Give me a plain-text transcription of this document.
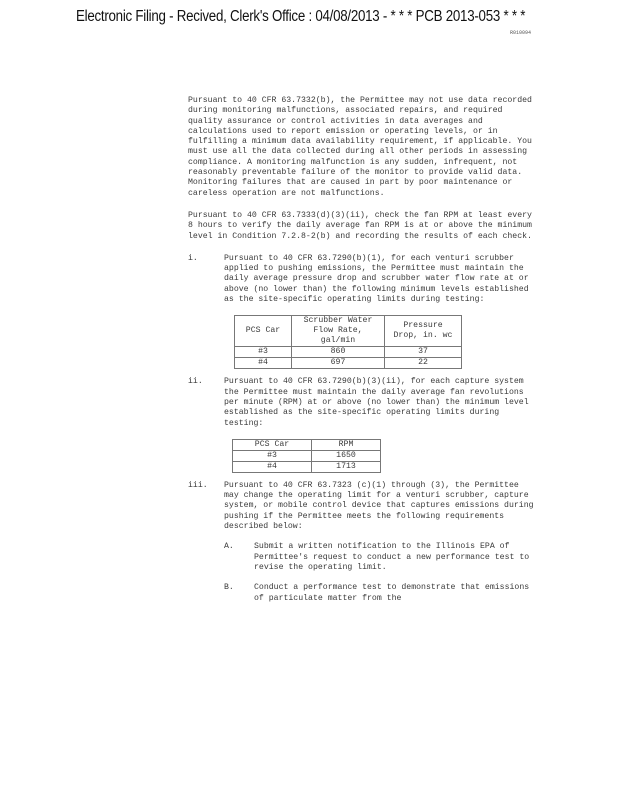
Electronic Filing - Recived, Clerk's Office : 04/08/2013 - * * * PCB 2013-053 * * *
R010094

Pursuant to 40 CFR 63.7332(b), the Permittee may not use data recorded during monitoring malfunctions, associated repairs, and required quality assurance or control activities in data averages and calculations used to report emission or operating levels, or in fulfilling a minimum data availability requirement, if applicable. You must use all the data collected during all other periods in assessing compliance. A monitoring malfunction is any sudden, infrequent, not reasonably preventable failure of the monitor to provide valid data. Monitoring failures that are caused in part by poor maintenance or careless operation are not malfunctions.

Pursuant to 40 CFR 63.7333(d)(3)(ii), check the fan RPM at least every 8 hours to verify the daily average fan RPM is at or above the minimum level in Condition 7.2.8-2(b) and recording the results of each check.

i.	Pursuant to 40 CFR 63.7290(b)(1), for each venturi scrubber applied to pushing emissions, the Permittee must maintain the daily average pressure drop and scrubber water flow rate at or above (no lower than) the following minimum levels established as the site-specific operating limits during testing:
PCS Car	Scrubber Water Flow Rate, gal/min	Pressure Drop, in. wc
#3	860	37
#4	697	22
ii.	Pursuant to 40 CFR 63.7290(b)(3)(ii), for each capture system the Permittee must maintain the daily average fan revolutions per minute (RPM) at or above (no lower than) the minimum level established as the site-specific operating limits during testing:
PCS Car	RPM
#3	1650
#4	1713
iii. Pursuant to 40 CFR 63.7323 (c)(1) through (3), the Permittee may change the operating limit for a venturi scrubber, capture system, or mobile control device that captures emissions during pushing if the Permittee meets the following requirements described below:
A. Submit a written notification to the Illinois EPA of Permittee's request to conduct a new performance test to revise the operating limit.
B. Conduct a performance test to demonstrate that emissions of particulate matter from the
